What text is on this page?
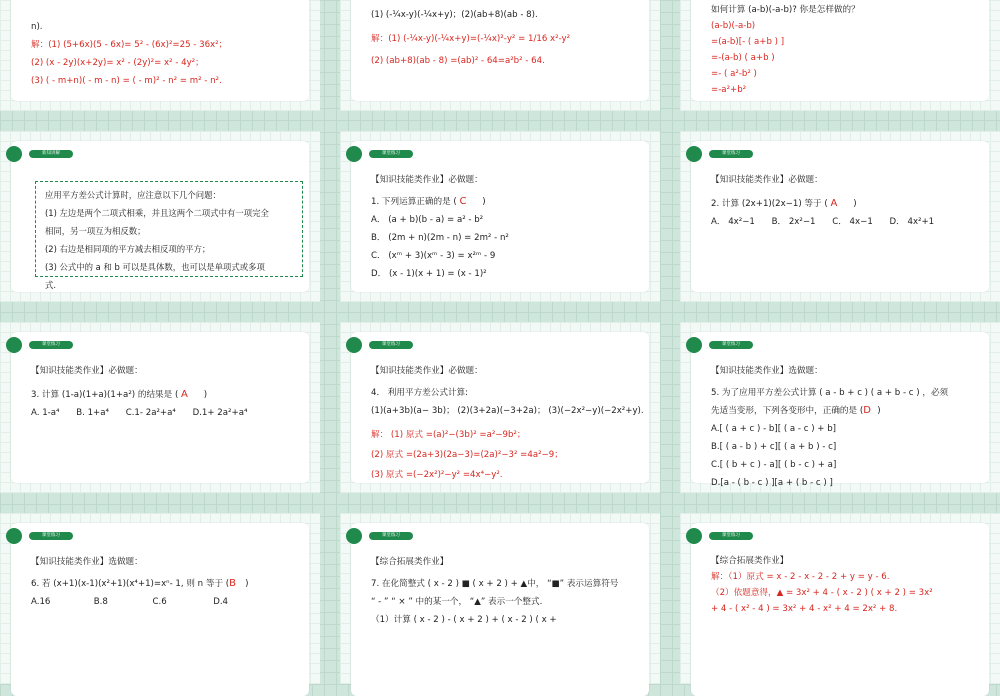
n).
解：(1) (5+6x)(5 - 6x)= 5² - (6x)²=25 - 36x²；
(2) (x - 2y)(x+2y)= x² - (2y)²= x² - 4y²；
(3) ( - m+n)( - m - n) = ( - m)² - n² = m² - n².
(1) (-¼x-y)(-¼x+y)；(2)(ab+8)(ab - 8).
解：(1) (-¼x-y)(-¼x+y)=(-¼x)²-y² = 1/16 x²-y²
(2) (ab+8)(ab - 8) =(ab)² - 64=a²b² - 64.
如何计算 (a-b)(-a-b)? 你是怎样做的？
(a-b)(-a-b)
=(a-b)[- ( a+b ) ]
=-(a-b) ( a+b )
=- ( a²-b² )
=-a²+b²
新知讲解
应用平方差公式计算时，应注意以下几个问题：
(1) 左边是两个二项式相乘，并且这两个二项式中有一项完全
相同，另一项互为相反数；
(2) 右边是相同项的平方减去相反项的平方；
(3) 公式中的 a 和 b 可以是具体数，也可以是单项式或多项
式.
课堂练习
【知识技能类作业】必做题：
1. 下列运算正确的是 ( C )
A． (a + b)(b - a) = a² - b²
B． (2m + n)(2m - n) = 2m² - n²
C． (xᵐ + 3)(xᵐ - 3) = x²ᵐ - 9
D． (x - 1)(x + 1) = (x - 1)²
课堂练习
【知识技能类作业】必做题：
2. 计算 (2x+1)(2x−1) 等于 ( A )
A． 4x²−1 B． 2x²−1 C． 4x−1 D． 4x²+1
课堂练习
【知识技能类作业】必做题：
3. 计算 (1-a)(1+a)(1+a²) 的结果是 ( A )
A. 1-a⁴ B. 1+a⁴ C.1- 2a²+a⁴ D.1+ 2a²+a⁴
课堂练习
【知识技能类作业】必做题：
4． 利用平方差公式计算:
(1)(a+3b)(a− 3b)； (2)(3+2a)(−3+2a)； (3)(−2x²−y)(−2x²+y).
解： (1) 原式 =(a)²−(3b)² =a²−9b²；
(2) 原式 =(2a+3)(2a−3)=(2a)²−3² =4a²−9；
(3) 原式 =(−2x²)²−y² =4x⁴−y².
课堂练习
【知识技能类作业】选做题：
5. 为了应用平方差公式计算 ( a - b + c ) ( a + b - c ) ，必须
先适当变形，下列各变形中，正确的是 (D )
A.[ ( a + c ) - b][ ( a - c ) + b]
B.[ ( a - b ) + c][ ( a + b ) - c]
C.[ ( b + c ) - a][ ( b - c ) + a]
D.[a - ( b - c ) ][a + ( b - c ) ]
课堂练习
【知识技能类作业】选做题：
6. 若 (x+1)(x-1)(x²+1)(x⁴+1)=xⁿ- 1, 则 n 等于 (B )
A.16	B.8	C.6	D.4
课堂练习
【综合拓展类作业】
7. 在化简整式 ( x - 2 ) ■ ( x + 2 ) + ▲中， “■” 表示运算符号
“ - ” “ × ” 中的某一个， “▲” 表示一个整式.
（1）计算 ( x - 2 ) - ( x + 2 ) + ( x - 2 ) ( x +
课堂练习
【综合拓展类作业】
解：（1）原式 = x - 2 - x - 2 - 2 + y = y - 6.
（2）依题意得，▲ = 3x² + 4 - ( x - 2 ) ( x + 2 ) = 3x²
+ 4 - ( x² - 4 ) = 3x² + 4 - x² + 4 = 2x² + 8.
